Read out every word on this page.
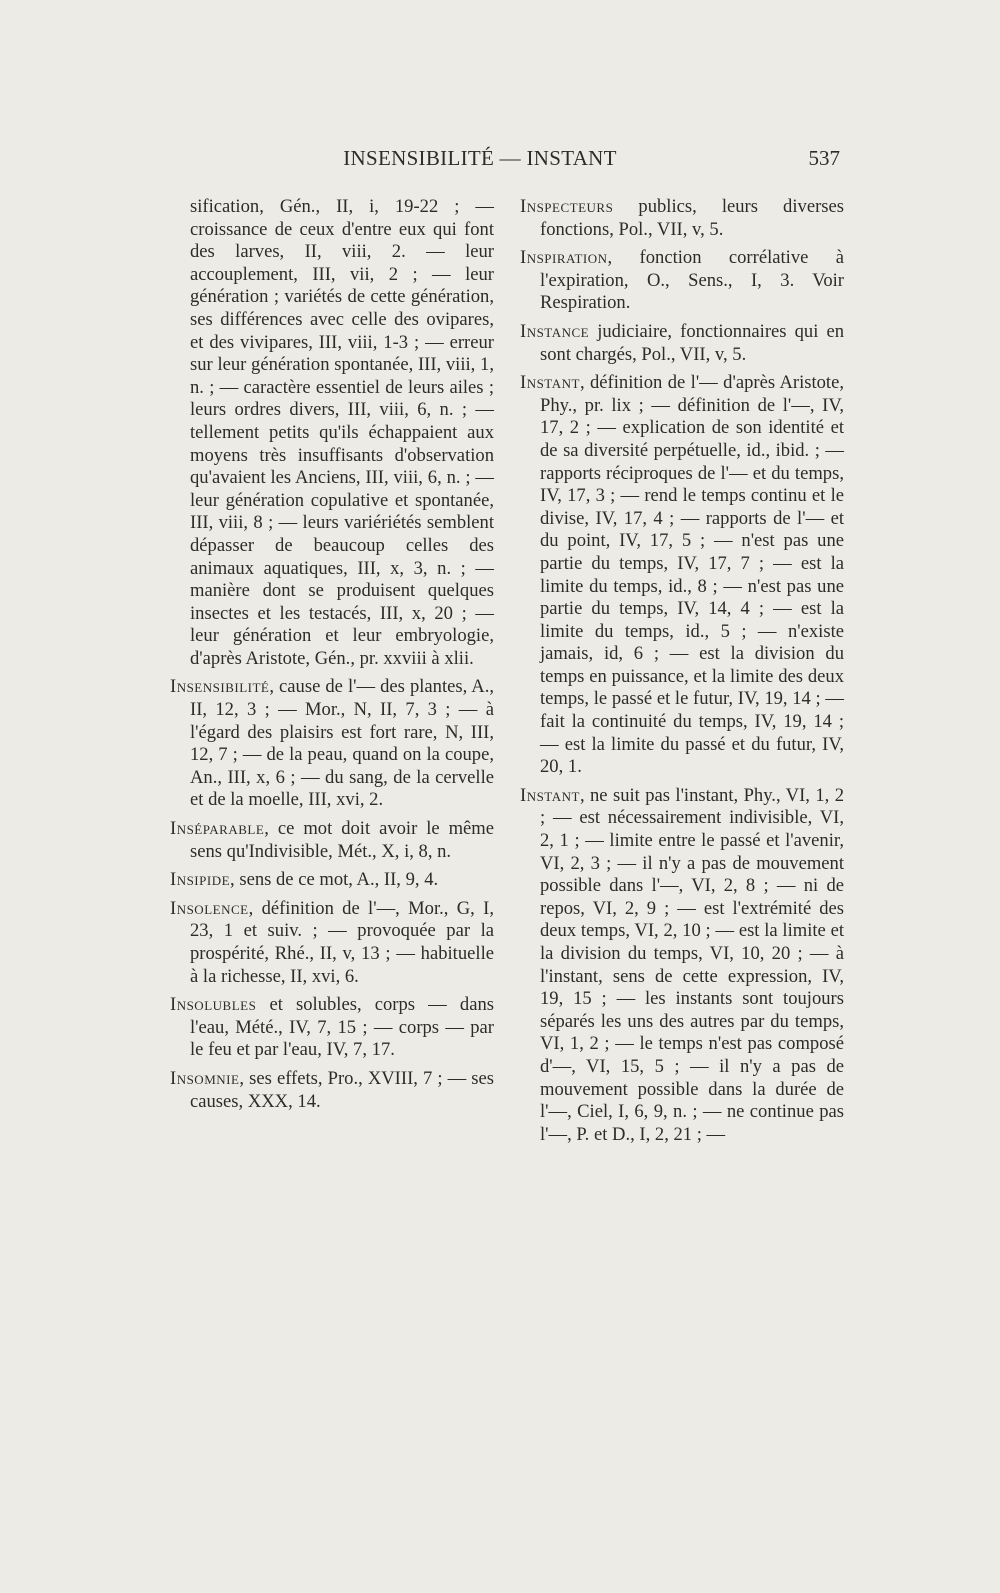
INSENSIBILITÉ — INSTANT	537

sification, Gén., II, i, 19-22 ; — croissance de ceux d'entre eux qui font des larves, II, viii, 2. — leur accouplement, III, vii, 2 ; — leur génération ; variétés de cette génération, ses différences avec celle des ovipares, et des vivipares, III, viii, 1-3 ; — erreur sur leur génération spontanée, III, viii, 1, n. ; — caractère essentiel de leurs ailes ; leurs ordres divers, III, viii, 6, n. ; — tellement petits qu'ils échappaient aux moyens très insuffisants d'observation qu'avaient les Anciens, III, viii, 6, n. ; — leur génération copulative et spontanée, III, viii, 8 ; — leurs variériétés semblent dépasser de beaucoup celles des animaux aquatiques, III, x, 3, n. ; — manière dont se produisent quelques insectes et les testacés, III, x, 20 ; — leur génération et leur embryologie, d'après Aristote, Gén., pr. xxviii à xlii.

Insensibilité, cause de l'— des plantes, A., II, 12, 3 ; — Mor., N, II, 7, 3 ; — à l'égard des plaisirs est fort rare, N, III, 12, 7 ; — de la peau, quand on la coupe, An., III, x, 6 ; — du sang, de la cervelle et de la moelle, III, xvi, 2.

Inséparable, ce mot doit avoir le même sens qu'Indivisible, Mét., X, i, 8, n.

Insipide, sens de ce mot, A., II, 9, 4.

Insolence, définition de l'—, Mor., G, I, 23, 1 et suiv. ; — provoquée par la prospérité, Rhé., II, v, 13 ; — habituelle à la richesse, II, xvi, 6.

Insolubles et solubles, corps — dans l'eau, Mété., IV, 7, 15 ; — corps — par le feu et par l'eau, IV, 7, 17.

Insomnie, ses effets, Pro., XVIII, 7 ; — ses causes, XXX, 14.

Inspecteurs publics, leurs diverses fonctions, Pol., VII, v, 5.

Inspiration, fonction corrélative à l'expiration, O., Sens., I, 3. Voir Respiration.

Instance judiciaire, fonctionnaires qui en sont chargés, Pol., VII, v, 5.

Instant, définition de l'— d'après Aristote, Phy., pr. lix ; — définition de l'—, IV, 17, 2 ; — explication de son identité et de sa diversité perpétuelle, id., ibid. ; — rapports réciproques de l'— et du temps, IV, 17, 3 ; — rend le temps continu et le divise, IV, 17, 4 ; — rapports de l'— et du point, IV, 17, 5 ; — n'est pas une partie du temps, IV, 17, 7 ; — est la limite du temps, id., 8 ; — n'est pas une partie du temps, IV, 14, 4 ; — est la limite du temps, id., 5 ; — n'existe jamais, id, 6 ; — est la division du temps en puissance, et la limite des deux temps, le passé et le futur, IV, 19, 14 ; — fait la continuité du temps, IV, 19, 14 ; — est la limite du passé et du futur, IV, 20, 1.

Instant, ne suit pas l'instant, Phy., VI, 1, 2 ; — est nécessairement indivisible, VI, 2, 1 ; — limite entre le passé et l'avenir, VI, 2, 3 ; — il n'y a pas de mouvement possible dans l'—, VI, 2, 8 ; — ni de repos, VI, 2, 9 ; — est l'extrémité des deux temps, VI, 2, 10 ; — est la limite et la division du temps, VI, 10, 20 ; — à l'instant, sens de cette expression, IV, 19, 15 ; — les instants sont toujours séparés les uns des autres par du temps, VI, 1, 2 ; — le temps n'est pas composé d'—, VI, 15, 5 ; — il n'y a pas de mouvement possible dans la durée de l'—, Ciel, I, 6, 9, n. ; — ne continue pas l'—, P. et D., I, 2, 21 ; —
